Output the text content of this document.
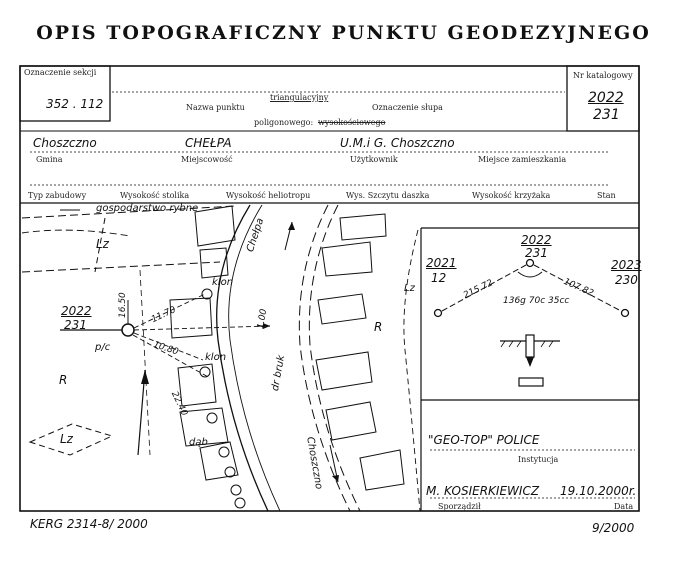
OPIS TOPOGRAFICZNY PUNKTU GEODEZYJNEGO
Oznaczenie sekcji
352 . 112	Nazwa punktu
triangulacyjny
Oznaczenie słupa
poligonowego: wysokościowego
Nr katalogowy
2022
231
Choszczno	CHEŁPA	U.M.i G. Choszczno
Gmina	Miejscowość	Użytkownik	Miejsce zamieszkania
Typ zabudowy	Wysokość stolika	Wysokość heliotropu	Wys. Szczytu daszka	Wysokość krzyżaka	Stan
gospodarstwo rybne
Lz
Lz
Lz
R
R
Chełpa
dr bruk
Choszczno
klon
klon
dąb
2022
231
p/c
16.50 11.70
10.80
22.40
1.00
2022
231
2021
12
2023
230
215.72	107.82
136g 70c 35cc
"GEO-TOP" POLICE
Instytucja
M. KOSIERKIEWICZ 19.10.2000r.
Sporządził	Data
KERG 2314-8/ 2000	9/2000
